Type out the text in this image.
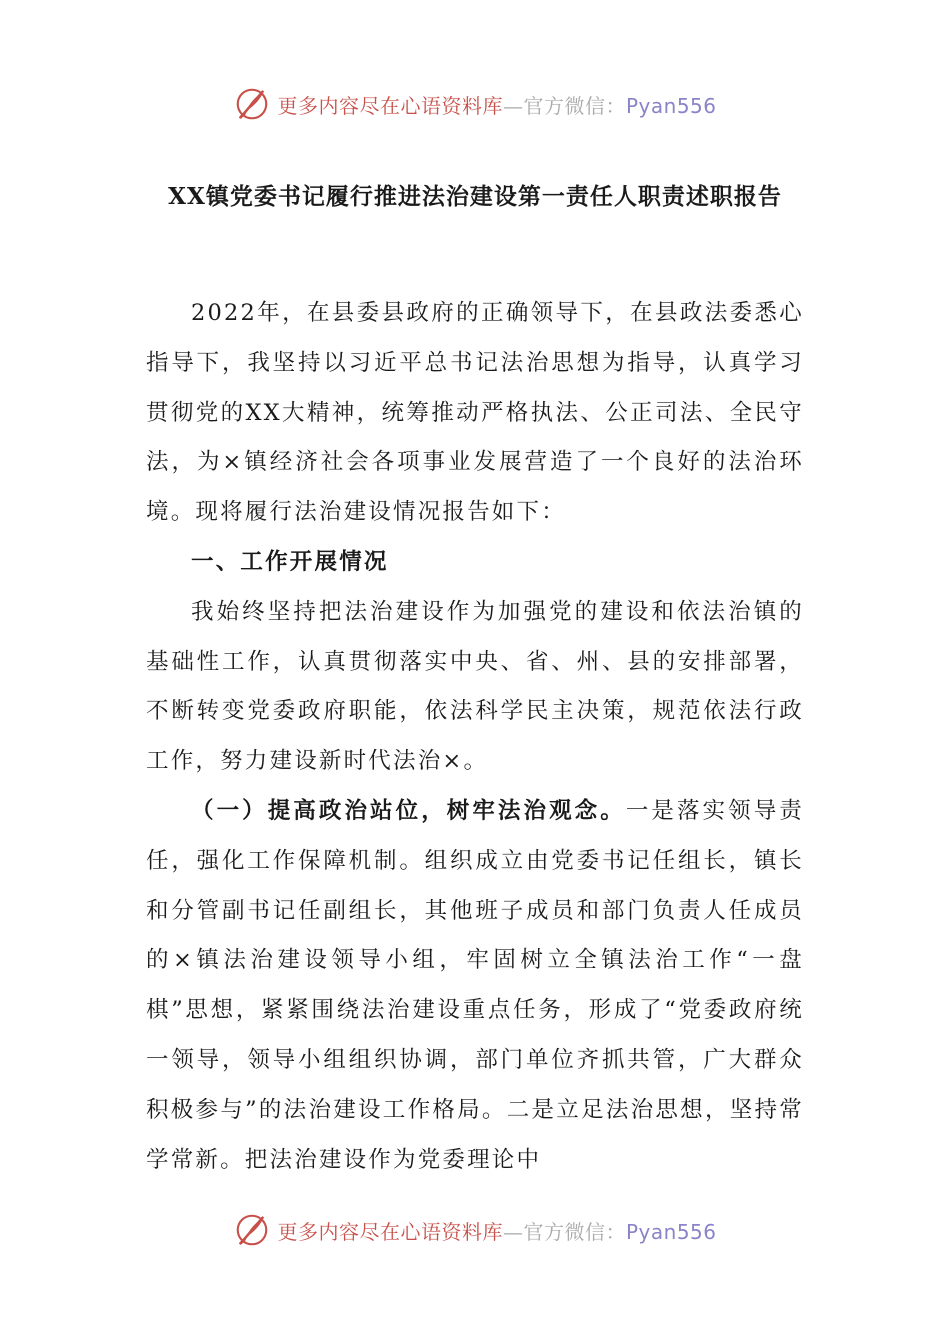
更多内容尽在心语资料库—官方微信：Pyan556
XX镇党委书记履行推进法治建设第一责任人职责述职报告

2022年，在县委县政府的正确领导下，在县政法委悉心指导下，我坚持以习近平总书记法治思想为指导，认真学习贯彻党的XX大精神，统筹推动严格执法、公正司法、全民守法，为×镇经济社会各项事业发展营造了一个良好的法治环境。现将履行法治建设情况报告如下：

一、工作开展情况

我始终坚持把法治建设作为加强党的建设和依法治镇的基础性工作，认真贯彻落实中央、省、州、县的安排部署，不断转变党委政府职能，依法科学民主决策，规范依法行政工作，努力建设新时代法治×。

（一）提高政治站位，树牢法治观念。一是落实领导责任，强化工作保障机制。组织成立由党委书记任组长，镇长和分管副书记任副组长，其他班子成员和部门负责人任成员的×镇法治建设领导小组，牢固树立全镇法治工作“一盘棋”思想，紧紧围绕法治建设重点任务，形成了“党委政府统一领导，领导小组组织协调，部门单位齐抓共管，广大群众积极参与”的法治建设工作格局。二是立足法治思想，坚持常学常新。把法治建设作为党委理论中

更多内容尽在心语资料库—官方微信：Pyan556
